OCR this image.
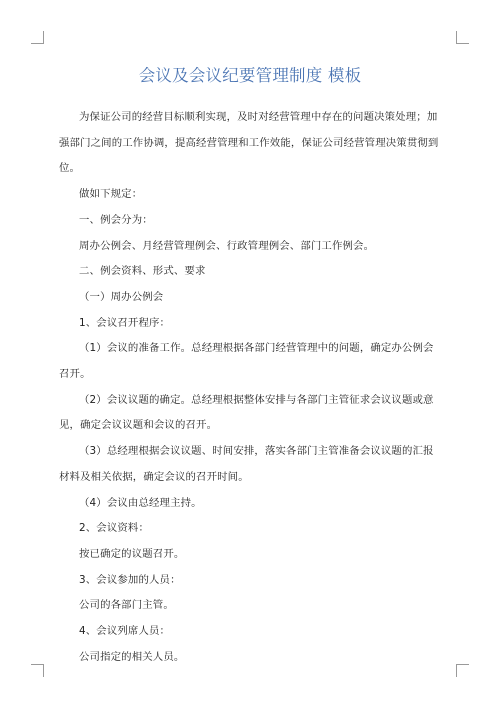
会议及会议纪要管理制度 模板

为保证公司的经营目标顺利实现，及时对经营管理中存在的问题决策处理；加强部门之间的工作协调，提高经营管理和工作效能，保证公司经营管理决策贯彻到位。

做如下规定：

一、例会分为：

周办公例会、月经营管理例会、行政管理例会、部门工作例会。

二、例会资料、形式、要求

（一）周办公例会

1、会议召开程序：

（1）会议的准备工作。总经理根据各部门经营管理中的问题，确定办公例会召开。

（2）会议议题的确定。总经理根据整体安排与各部门主管征求会议议题或意见，确定会议议题和会议的召开。

（3）总经理根据会议议题、时间安排，落实各部门主管准备会议议题的汇报材料及相关依据，确定会议的召开时间。

（4）会议由总经理主持。

2、会议资料：

按已确定的议题召开。

3、会议参加的人员：

公司的各部门主管。

4、会议列席人员：

公司指定的相关人员。
